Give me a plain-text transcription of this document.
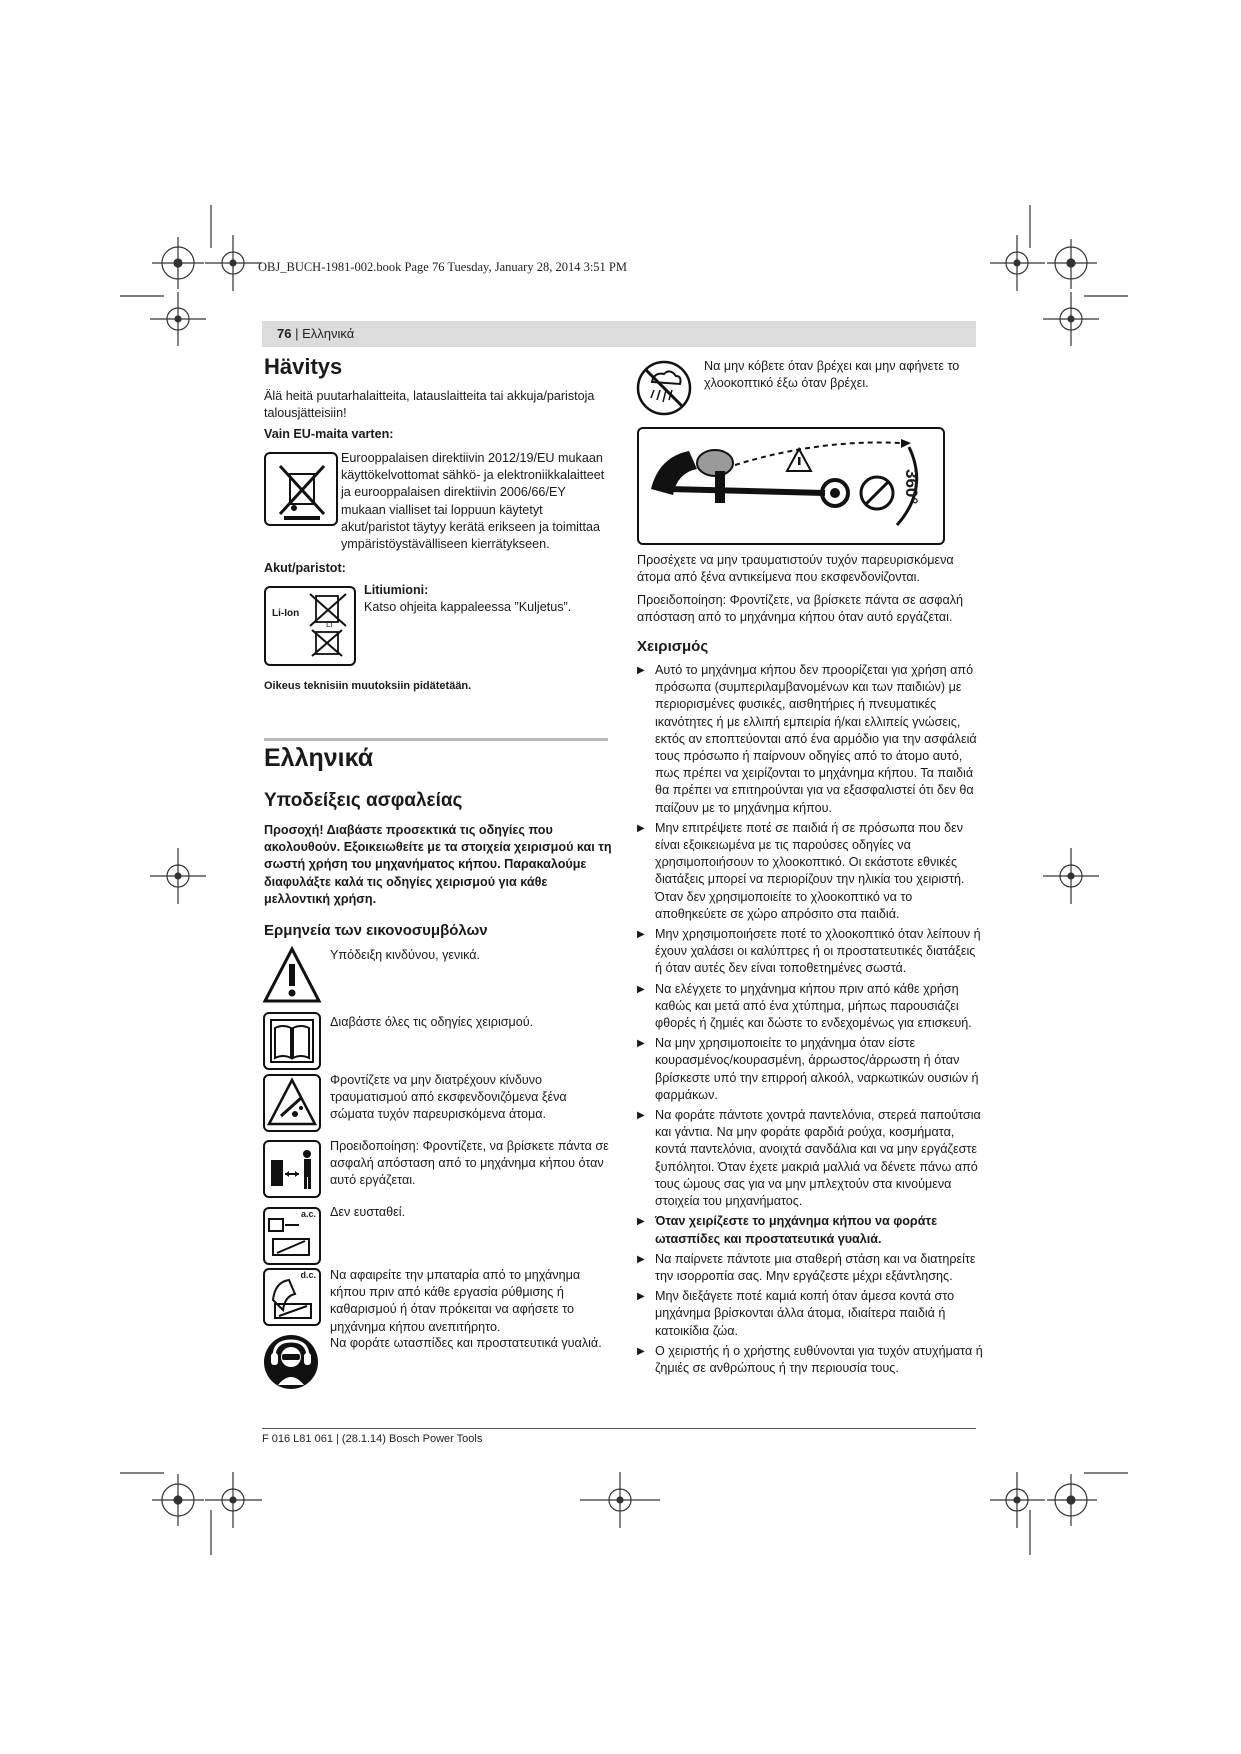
OBJ_BUCH-1981-002.book Page 76 Tuesday, January 28, 2014 3:51 PM
76 | Ελληνικά
Hävitys

Älä heitä puutarhalaitteita, latauslaitteita tai akkuja/paristoja talousjätteisiin!

Vain EU-maita varten:

Eurooppalaisen direktiivin 2012/19/EU mukaan käyttökelvottomat sähkö- ja elektroniikkalaitteet ja eurooppalaisen direktiivin 2006/66/EY mukaan vialliset tai loppuun käytetyt akut/paristot täytyy kerätä erikseen ja toimittaa ympäristöystävälliseen kierrätykseen.

Akut/paristot:

Li-Ion
Li

Litiumioni:

Katso ohjeita kappaleessa ”Kuljetus”.

Oikeus teknisiin muutoksiin pidätetään.

Ελληνικά
Υποδείξεις ασφαλείας

Προσοχή! Διαβάστε προσεκτικά τις οδηγίες που ακολουθούν. Εξοικειωθείτε με τα στοιχεία χειρισμού και τη σωστή χρήση του μηχανήματος κήπου. Παρακαλούμε διαφυλάξτε καλά τις οδηγίες χειρισμού για κάθε μελλοντική χρήση.

Ερμηνεία των εικονοσυμβόλων
Υπόδειξη κινδύνου, γενικά.
Διαβάστε όλες τις οδηγίες χειρισμού.
Φροντίζετε να μην διατρέχουν κίνδυνο τραυματισμού από εκσφενδονιζόμενα ξένα σώματα τυχόν παρευρισκόμενα άτομα.
Προειδοποίηση: Φροντίζετε, να βρίσκετε πάντα σε ασφαλή απόσταση από το μηχάνημα κήπου όταν αυτό εργάζεται.
a.c. Δεν ευσταθεί.
d.c. Να αφαιρείτε την μπαταρία από το μηχάνημα κήπου πριν από κάθε εργασία ρύθμισης ή καθαρισμού ή όταν πρόκειται να αφήσετε το μηχάνημα κήπου ανεπιτήρητο.
Να φοράτε ωτασπίδες και προστατευτικά γυαλιά.

Να μην κόβετε όταν βρέχει και μην αφήνετε το χλοοκοπτικό έξω όταν βρέχει.

360°

Προσέχετε να μην τραυματιστούν τυχόν παρευρισκόμενα άτομα από ξένα αντικείμενα που εκσφενδονίζονται.

Προειδοποίηση: Φροντίζετε, να βρίσκετε πάντα σε ασφαλή απόσταση από το μηχάνημα κήπου όταν αυτό εργάζεται.

Χειρισμός
▶ Αυτό το μηχάνημα κήπου δεν προορίζεται για χρήση από πρόσωπα (συμπεριλαμβανομένων και των παιδιών) με περιορισμένες φυσικές, αισθητήριες ή πνευματικές ικανότητες ή με ελλιπή εμπειρία ή/και ελλιπείς γνώσεις, εκτός αν εποπτεύονται από ένα αρμόδιο για την ασφάλειά τους πρόσωπο ή παίρνουν οδηγίες από το άτομο αυτό, πως πρέπει να χειρίζονται το μηχάνημα κήπου. Τα παιδιά θα πρέπει να επιτηρούνται για να εξασφαλιστεί ότι δεν θα παίζουν με το μηχάνημα κήπου.
▶ Μην επιτρέψετε ποτέ σε παιδιά ή σε πρόσωπα που δεν είναι εξοικειωμένα με τις παρούσες οδηγίες να χρησιμοποιήσουν το χλοοκοπτικό. Οι εκάστοτε εθνικές διατάξεις μπορεί να περιορίζουν την ηλικία του χειριστή. Όταν δεν χρησιμοποιείτε το χλοοκοπτικό να το αποθηκεύετε σε χώρο απρόσιτο στα παιδιά.
▶ Μην χρησιμοποιήσετε ποτέ το χλοοκοπτικό όταν λείπουν ή έχουν χαλάσει οι καλύπτρες ή οι προστατευτικές διατάξεις ή όταν αυτές δεν είναι τοποθετημένες σωστά.
▶ Να ελέγχετε το μηχάνημα κήπου πριν από κάθε χρήση καθώς και μετά από ένα χτύπημα, μήπως παρουσιάζει φθορές ή ζημιές και δώστε το ενδεχομένως για επισκευή.
▶ Να μην χρησιμοποιείτε το μηχάνημα όταν είστε κουρασμένος/κουρασμένη, άρρωστος/άρρωστη ή όταν βρίσκεστε υπό την επιρροή αλκοόλ, ναρκωτικών ουσιών ή φαρμάκων.
▶ Να φοράτε πάντοτε χοντρά παντελόνια, στερεά παπούτσια και γάντια. Να μην φοράτε φαρδιά ρούχα, κοσμήματα, κοντά παντελόνια, ανοιχτά σανδάλια και να μην εργάζεστε ξυπόλητοι. Όταν έχετε μακριά μαλλιά να δένετε πάνω από τους ώμους σας για να μην μπλεχτούν στα κινούμενα στοιχεία του μηχανήματος.
▶ Όταν χειρίζεστε το μηχάνημα κήπου να φοράτε ωτασπίδες και προστατευτικά γυαλιά.
▶ Να παίρνετε πάντοτε μια σταθερή στάση και να διατηρείτε την ισορροπία σας. Μην εργάζεστε μέχρι εξάντλησης.
▶ Μην διεξάγετε ποτέ καμιά κοπή όταν άμεσα κοντά στο μηχάνημα βρίσκονται άλλα άτομα, ιδιαίτερα παιδιά ή κατοικίδια ζώα.
▶ Ο χειριστής ή ο χρήστης ευθύνονται για τυχόν ατυχήματα ή ζημιές σε ανθρώπους ή την περιουσία τους.
F 016 L81 061 | (28.1.14) Bosch Power Tools
